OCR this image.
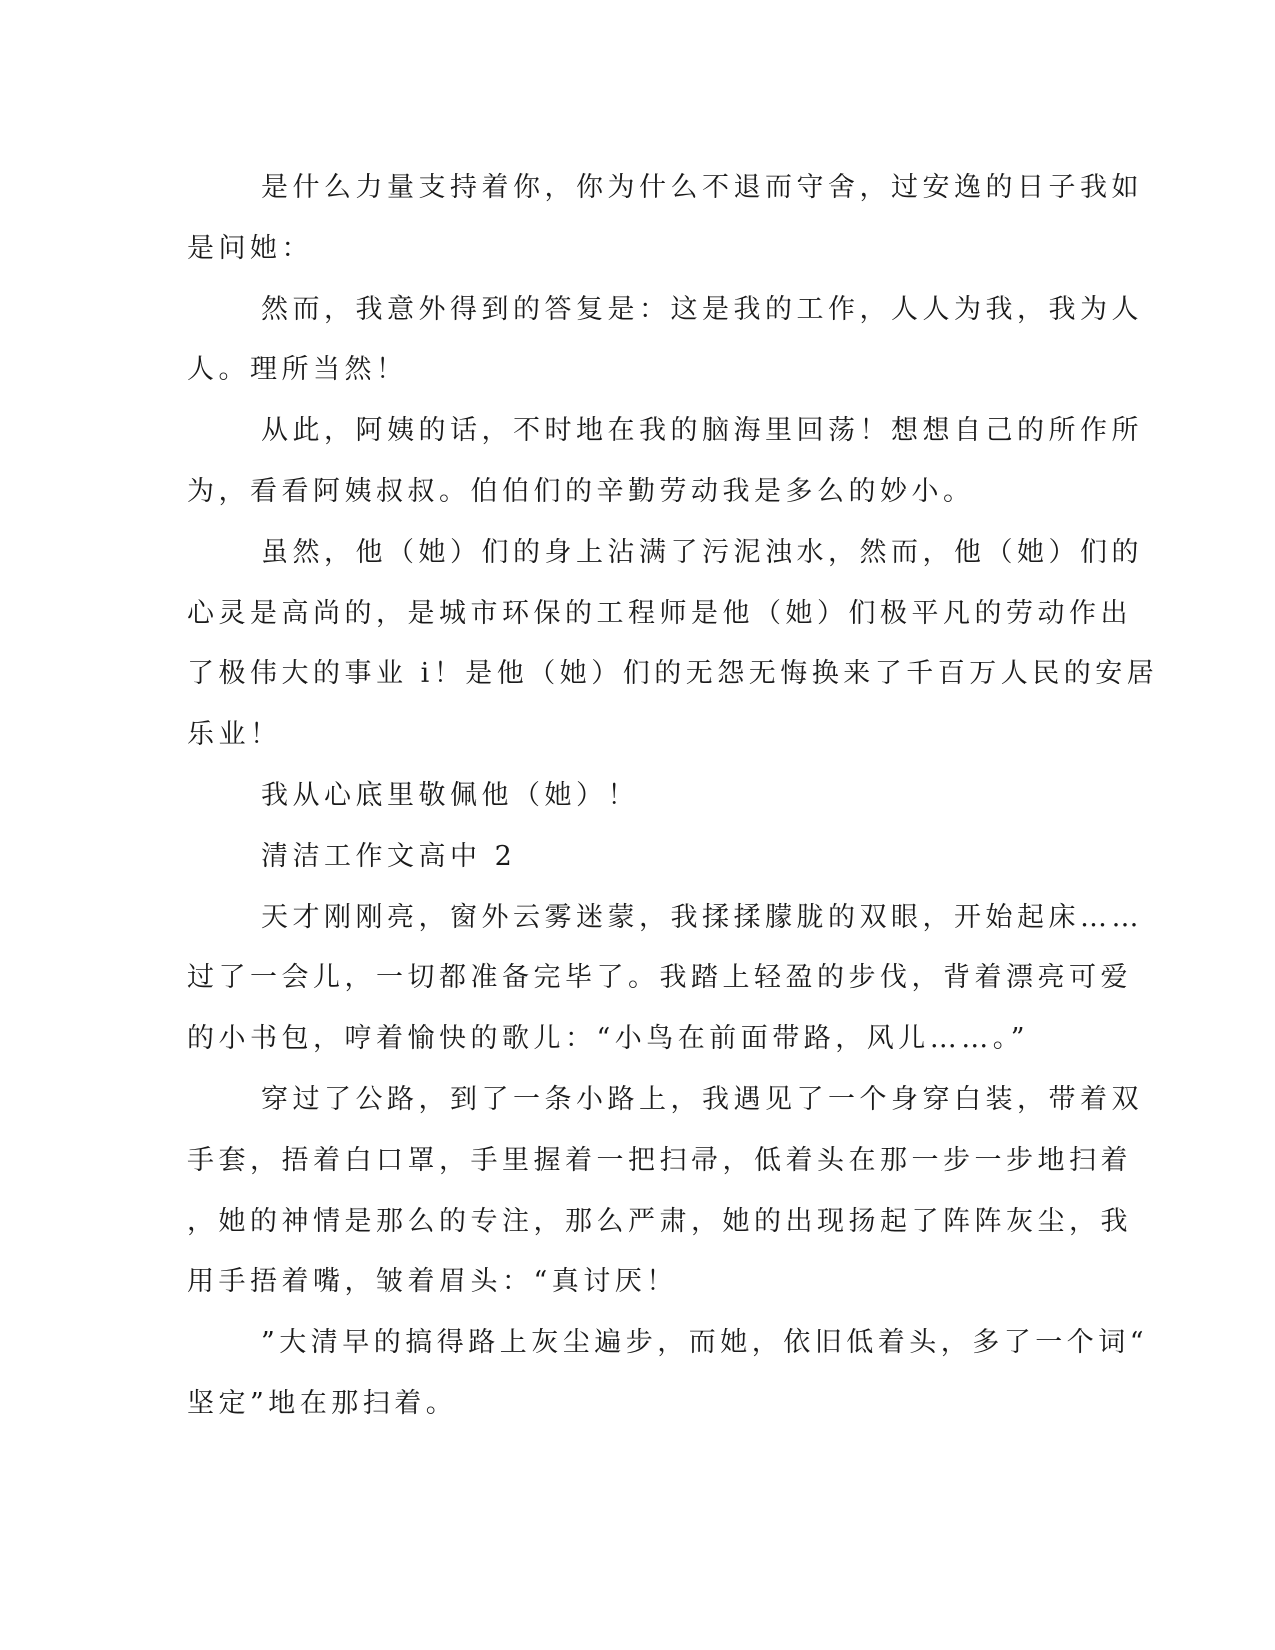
是什么力量支持着你，你为什么不退而守舍，过安逸的日子我如

是问她：

然而，我意外得到的答复是：这是我的工作，人人为我，我为人

人。理所当然！

从此，阿姨的话，不时地在我的脑海里回荡！想想自己的所作所

为，看看阿姨叔叔。伯伯们的辛勤劳动我是多么的妙小。

虽然，他（她）们的身上沾满了污泥浊水，然而，他（她）们的

心灵是高尚的，是城市环保的工程师是他（她）们极平凡的劳动作出

了极伟大的事业 i！是他（她）们的无怨无悔换来了千百万人民的安居

乐业！

我从心底里敬佩他（她）！

清洁工作文高中 2

天才刚刚亮，窗外云雾迷蒙，我揉揉朦胧的双眼，开始起床……

过了一会儿，一切都准备完毕了。我踏上轻盈的步伐，背着漂亮可爱

的小书包，哼着愉快的歌儿：“小鸟在前面带路，风儿……。”

穿过了公路，到了一条小路上，我遇见了一个身穿白装，带着双

手套，捂着白口罩，手里握着一把扫帚，低着头在那一步一步地扫着

，她的神情是那么的专注，那么严肃，她的出现扬起了阵阵灰尘，我

用手捂着嘴，皱着眉头：“真讨厌！

”大清早的搞得路上灰尘遍步，而她，依旧低着头，多了一个词“

坚定”地在那扫着。
